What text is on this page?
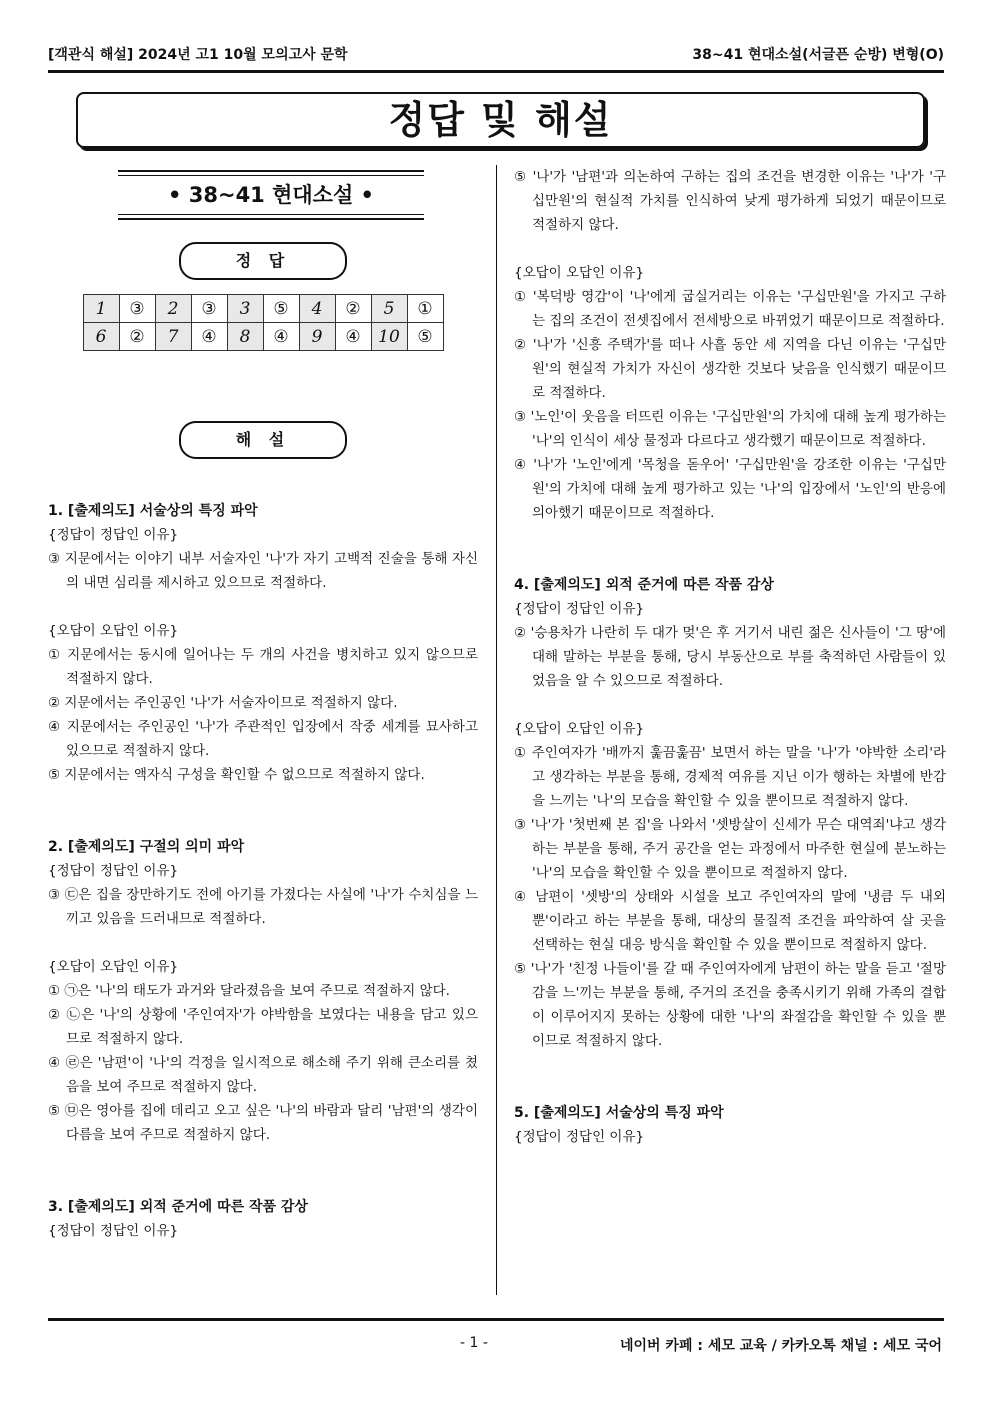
[객관식 해설] 2024년 고1 10월 모의고사 문학	38~41 현대소설(서글픈 순방) 변형(O)
정답 및 해설
• 38~41 현대소설 •
정 답
1	③	2	③	3	⑤	4	②	5	①
6	②	7	④	8	④	9	④	10	⑤
해 설

1. [출제의도] 서술상의 특징 파악

{정답이 정답인 이유}

③ 지문에서는 이야기 내부 서술자인 '나'가 자기 고백적 진술을 통해 자신의 내면 심리를 제시하고 있으므로 적절하다.

{오답이 오답인 이유}

① 지문에서는 동시에 일어나는 두 개의 사건을 병치하고 있지 않으므로 적절하지 않다.

② 지문에서는 주인공인 '나'가 서술자이므로 적절하지 않다.

④ 지문에서는 주인공인 '나'가 주관적인 입장에서 작중 세계를 묘사하고 있으므로 적절하지 않다.

⑤ 지문에서는 액자식 구성을 확인할 수 없으므로 적절하지 않다.

2. [출제의도] 구절의 의미 파악

{정답이 정답인 이유}

③ ㉢은 집을 장만하기도 전에 아기를 가졌다는 사실에 '나'가 수치심을 느끼고 있음을 드러내므로 적절하다.

{오답이 오답인 이유}

① ㉠은 '나'의 태도가 과거와 달라졌음을 보여 주므로 적절하지 않다.

② ㉡은 '나'의 상황에 '주인여자'가 야박함을 보였다는 내용을 담고 있으므로 적절하지 않다.

④ ㉣은 '남편'이 '나'의 걱정을 일시적으로 해소해 주기 위해 큰소리를 쳤음을 보여 주므로 적절하지 않다.

⑤ ㉤은 영아를 집에 데리고 오고 싶은 '나'의 바람과 달리 '남편'의 생각이 다름을 보여 주므로 적절하지 않다.

3. [출제의도] 외적 준거에 따른 작품 감상

{정답이 정답인 이유}

⑤ '나'가 '남편'과 의논하여 구하는 집의 조건을 변경한 이유는 '나'가 '구십만원'의 현실적 가치를 인식하여 낮게 평가하게 되었기 때문이므로 적절하지 않다.

{오답이 오답인 이유}

① '복덕방 영감'이 '나'에게 굽실거리는 이유는 '구십만원'을 가지고 구하는 집의 조건이 전셋집에서 전세방으로 바뀌었기 때문이므로 적절하다.

② '나'가 '신흥 주택가'를 떠나 사흘 동안 세 지역을 다닌 이유는 '구십만원'의 현실적 가치가 자신이 생각한 것보다 낮음을 인식했기 때문이므로 적절하다.

③ '노인'이 웃음을 터뜨린 이유는 '구십만원'의 가치에 대해 높게 평가하는 '나'의 인식이 세상 물정과 다르다고 생각했기 때문이므로 적절하다.

④ '나'가 '노인'에게 '목청을 돋우어' '구십만원'을 강조한 이유는 '구십만원'의 가치에 대해 높게 평가하고 있는 '나'의 입장에서 '노인'의 반응에 의아했기 때문이므로 적절하다.

4. [출제의도] 외적 준거에 따른 작품 감상

{정답이 정답인 이유}

② '승용차가 나란히 두 대가 멎'은 후 거기서 내린 젊은 신사들이 '그 땅'에 대해 말하는 부분을 통해, 당시 부동산으로 부를 축적하던 사람들이 있었음을 알 수 있으므로 적절하다.

{오답이 오답인 이유}

① 주인여자가 '배까지 훑끔훑끔' 보면서 하는 말을 '나'가 '야박한 소리'라고 생각하는 부분을 통해, 경제적 여유를 지닌 이가 행하는 차별에 반감을 느끼는 '나'의 모습을 확인할 수 있을 뿐이므로 적절하지 않다.

③ '나'가 '첫번째 본 집'을 나와서 '셋방살이 신세가 무슨 대역죄'냐고 생각하는 부분을 통해, 주거 공간을 얻는 과정에서 마주한 현실에 분노하는 '나'의 모습을 확인할 수 있을 뿐이므로 적절하지 않다.

④ 남편이 '셋방'의 상태와 시설을 보고 주인여자의 말에 '냉큼 두 내외뿐'이라고 하는 부분을 통해, 대상의 물질적 조건을 파악하여 살 곳을 선택하는 현실 대응 방식을 확인할 수 있을 뿐이므로 적절하지 않다.

⑤ '나'가 '친정 나들이'를 갈 때 주인여자에게 남편이 하는 말을 듣고 '절망감을 느'끼는 부분을 통해, 주거의 조건을 충족시키기 위해 가족의 결합이 이루어지지 못하는 상황에 대한 '나'의 좌절감을 확인할 수 있을 뿐이므로 적절하지 않다.

5. [출제의도] 서술상의 특징 파악

{정답이 정답인 이유}

- 1 -	네이버 카페 : 세모 교육 / 카카오톡 채널 : 세모 국어
